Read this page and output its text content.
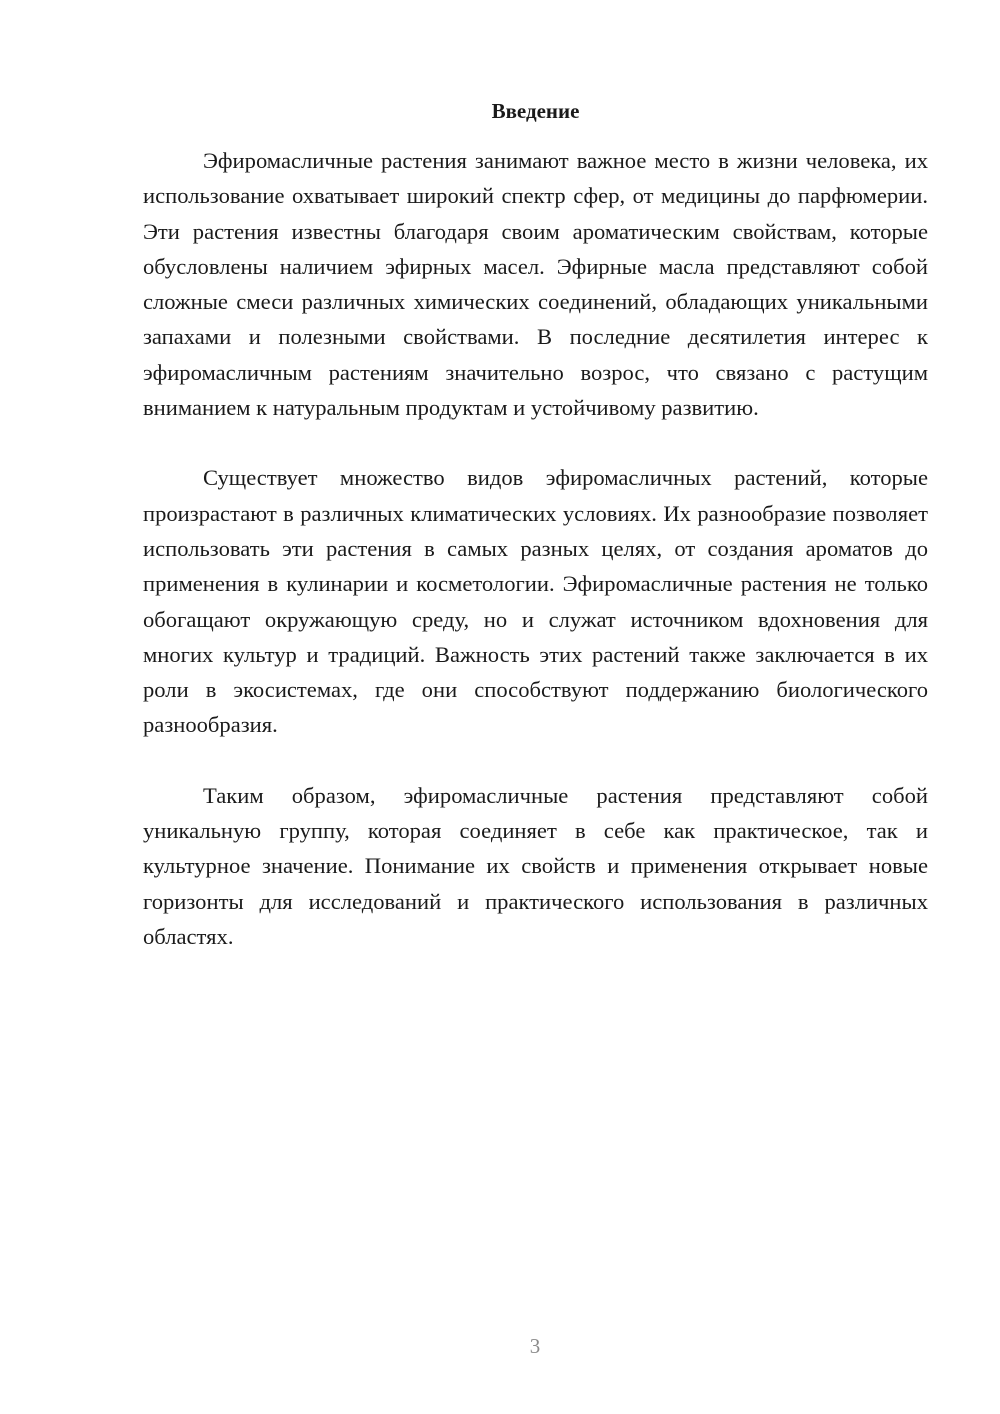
Введение

Эфиромасличные растения занимают важное место в жизни человека, их использование охватывает широкий спектр сфер, от медицины до парфюмерии. Эти растения известны благодаря своим ароматическим свойствам, которые обусловлены наличием эфирных масел. Эфирные масла представляют собой сложные смеси различных химических соединений, обладающих уникальными запахами и полезными свойствами. В последние десятилетия интерес к эфиромасличным растениям значительно возрос, что связано с растущим вниманием к натуральным продуктам и устойчивому развитию.

Существует множество видов эфиромасличных растений, которые произрастают в различных климатических условиях. Их разнообразие позволяет использовать эти растения в самых разных целях, от создания ароматов до применения в кулинарии и косметологии. Эфиромасличные растения не только обогащают окружающую среду, но и служат источником вдохновения для многих культур и традиций. Важность этих растений также заключается в их роли в экосистемах, где они способствуют поддержанию биологического разнообразия.

Таким образом, эфиромасличные растения представляют собой уникальную группу, которая соединяет в себе как практическое, так и культурное значение. Понимание их свойств и применения открывает новые горизонты для исследований и практического использования в различных областях.

3
